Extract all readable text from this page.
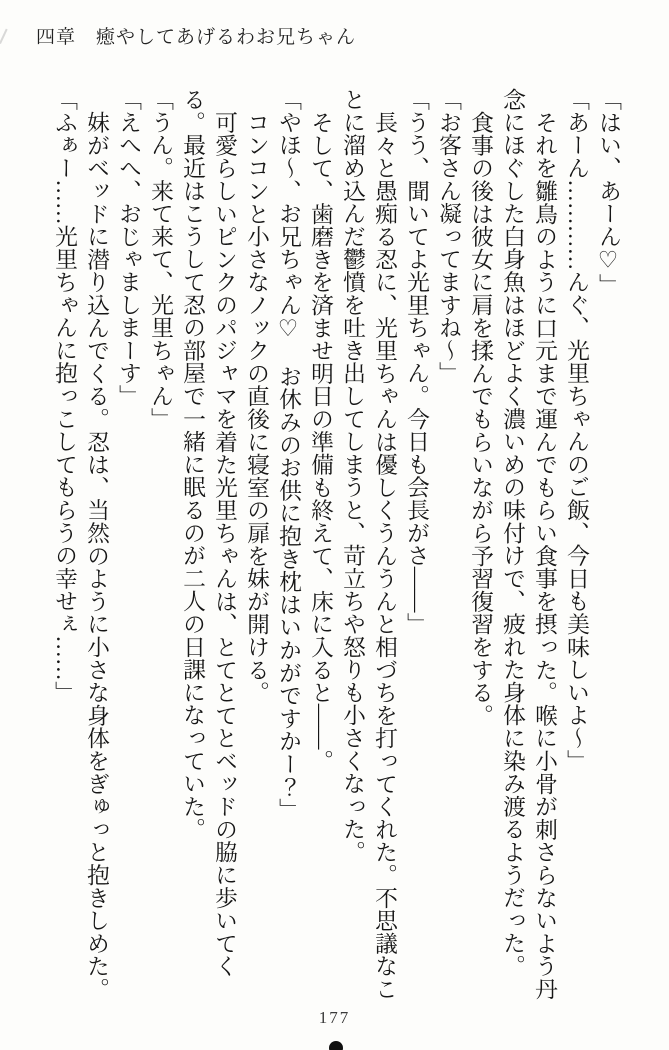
四章　癒やしてあげるわお兄ちゃん

「はい、あーん♡」

「あーん…………んぐ、光里ちゃんのご飯、今日も美味しいよ〜」

それを雛鳥のように口元まで運んでもらい食事を摂った。喉に小骨が刺さらないよう丹念にほぐした白身魚はほどよく濃いめの味付けで、疲れた身体に染み渡るようだった。

食事の後は彼女に肩を揉んでもらいながら予習復習をする。

「お客さん凝ってますね〜」

「うう、聞いてよ光里ちゃん。今日も会長がさ――」

長々と愚痴る忍に、光里ちゃんは優しくうんうんと相づちを打ってくれた。不思議なことに溜め込んだ鬱憤を吐き出してしまうと、苛立ちや怒りも小さくなった。

そして、歯磨きを済ませ明日の準備も終えて、床に入ると――。

「やほ〜、お兄ちゃん♡　お休みのお供に抱き枕はいかがですかー？」

コンコンと小さなノックの直後に寝室の扉を妹が開ける。

可愛らしいピンクのパジャマを着た光里ちゃんは、とてとてとベッドの脇に歩いてくる。最近はこうして忍の部屋で一緒に眠るのが二人の日課になっていた。

「うん。来て来て、光里ちゃん」

「えへへ、おじゃましまーす」

妹がベッドに潜り込んでくる。忍は、当然のように小さな身体をぎゅっと抱きしめた。

「ふぁー……光里ちゃんに抱っこしてもらうの幸せぇ……」

177
